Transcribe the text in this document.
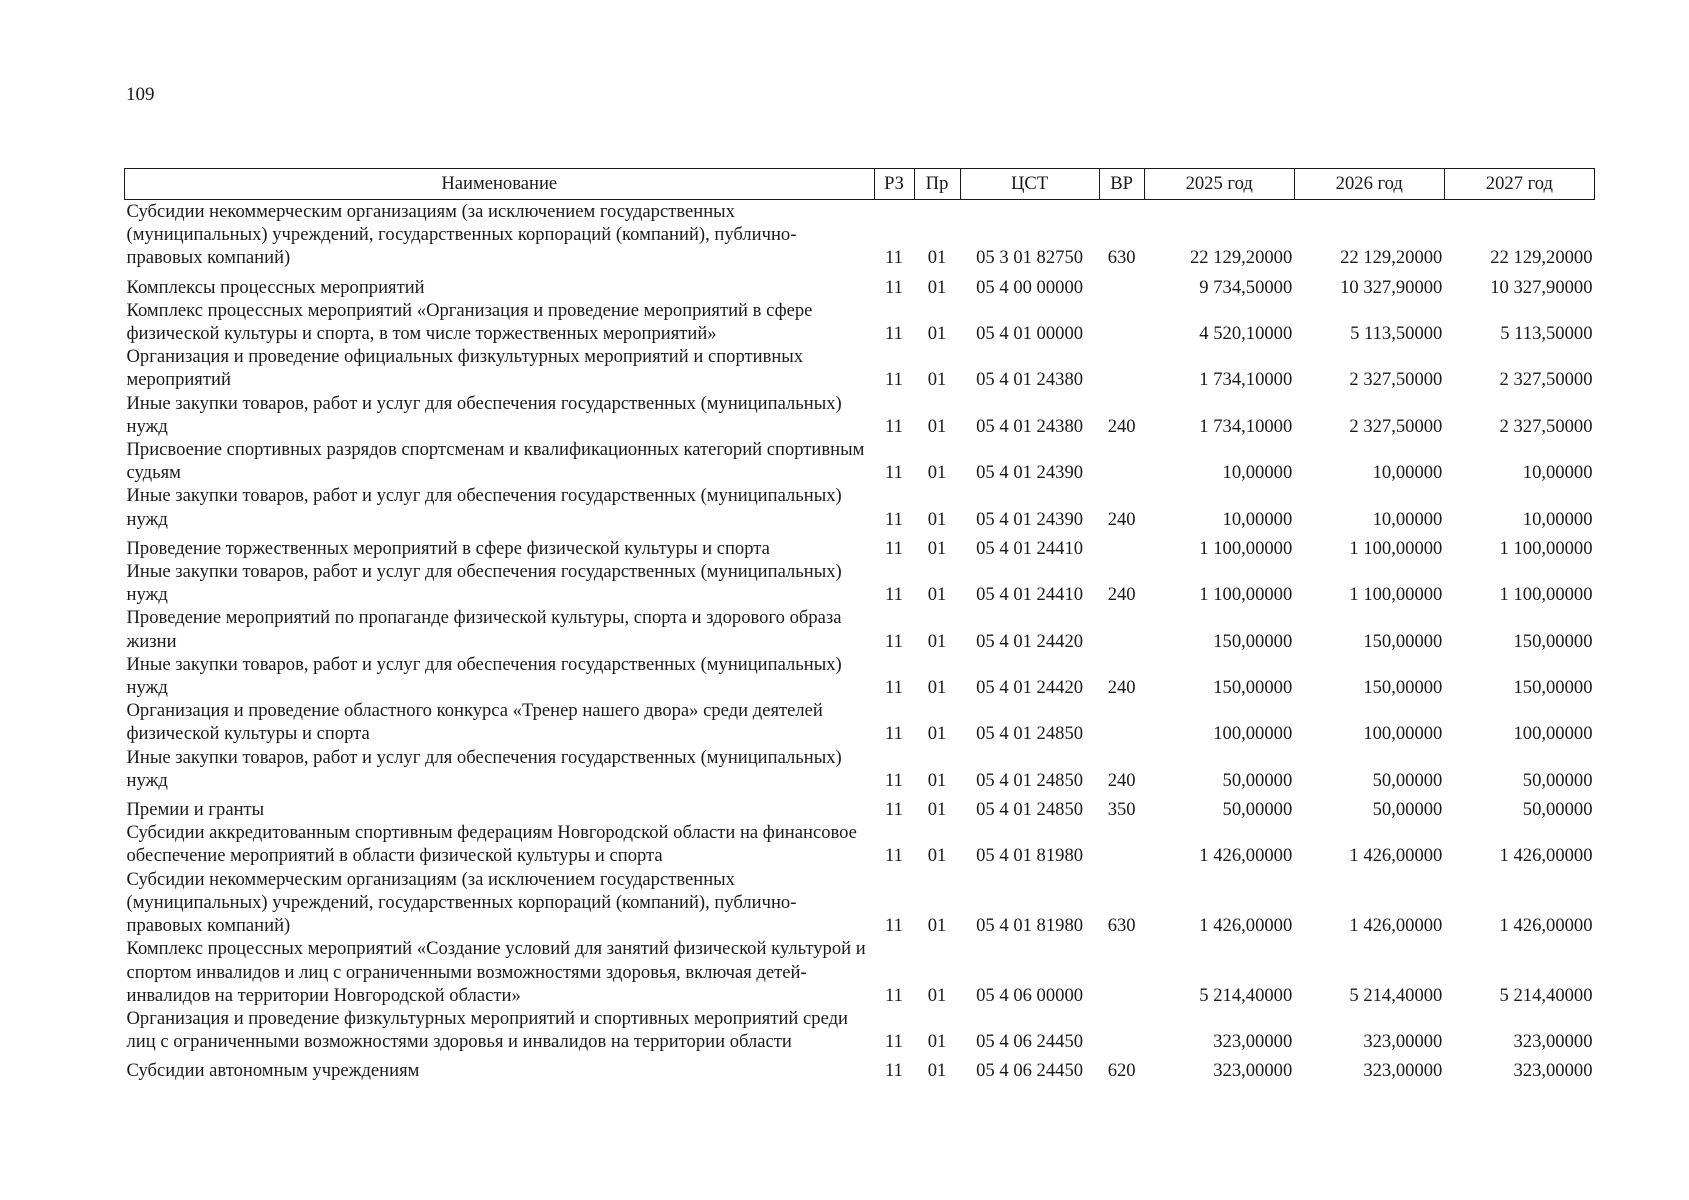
109
Наименование	РЗ	Пр	ЦСТ	ВР	2025 год	2026 год	2027 год
Субсидии некоммерческим организациям (за исключением государственных (муниципальных) учреждений, государственных корпораций (компаний), публично-правовых компаний)	11	01	05 3 01 82750	630	22 129,20000	22 129,20000	22 129,20000
Комплексы процессных мероприятий	11	01	05 4 00 00000		9 734,50000	10 327,90000	10 327,90000
Комплекс процессных мероприятий «Организация и проведение мероприятий в сфере физической культуры и спорта, в том числе торжественных мероприятий»	11	01	05 4 01 00000		4 520,10000	5 113,50000	5 113,50000
Организация и проведение официальных физкультурных мероприятий и спортивных мероприятий	11	01	05 4 01 24380		1 734,10000	2 327,50000	2 327,50000
Иные закупки товаров, работ и услуг для обеспечения государственных (муниципальных) нужд	11	01	05 4 01 24380	240	1 734,10000	2 327,50000	2 327,50000
Присвоение спортивных разрядов спортсменам и квалификационных категорий спортивным судьям	11	01	05 4 01 24390		10,00000	10,00000	10,00000
Иные закупки товаров, работ и услуг для обеспечения государственных (муниципальных) нужд	11	01	05 4 01 24390	240	10,00000	10,00000	10,00000
Проведение торжественных мероприятий в сфере физической культуры и спорта	11	01	05 4 01 24410		1 100,00000	1 100,00000	1 100,00000
Иные закупки товаров, работ и услуг для обеспечения государственных (муниципальных) нужд	11	01	05 4 01 24410	240	1 100,00000	1 100,00000	1 100,00000
Проведение мероприятий по пропаганде физической культуры, спорта и здорового образа жизни	11	01	05 4 01 24420		150,00000	150,00000	150,00000
Иные закупки товаров, работ и услуг для обеспечения государственных (муниципальных) нужд	11	01	05 4 01 24420	240	150,00000	150,00000	150,00000
Организация и проведение областного конкурса «Тренер нашего двора» среди деятелей физической культуры и спорта	11	01	05 4 01 24850		100,00000	100,00000	100,00000
Иные закупки товаров, работ и услуг для обеспечения государственных (муниципальных) нужд	11	01	05 4 01 24850	240	50,00000	50,00000	50,00000
Премии и гранты	11	01	05 4 01 24850	350	50,00000	50,00000	50,00000
Субсидии аккредитованным спортивным федерациям Новгородской области на финансовое обеспечение мероприятий в области физической культуры и спорта	11	01	05 4 01 81980		1 426,00000	1 426,00000	1 426,00000
Субсидии некоммерческим организациям (за исключением государственных (муниципальных) учреждений, государственных корпораций (компаний), публично-правовых компаний)	11	01	05 4 01 81980	630	1 426,00000	1 426,00000	1 426,00000
Комплекс процессных мероприятий «Создание условий для занятий физической культурой и спортом инвалидов и лиц с ограниченными возможностями здоровья, включая детей-инвалидов на территории Новгородской области»	11	01	05 4 06 00000		5 214,40000	5 214,40000	5 214,40000
Организация и проведение физкультурных мероприятий и спортивных мероприятий среди лиц с ограниченными возможностями здоровья и инвалидов на территории области	11	01	05 4 06 24450		323,00000	323,00000	323,00000
Субсидии автономным учреждениям	11	01	05 4 06 24450	620	323,00000	323,00000	323,00000
